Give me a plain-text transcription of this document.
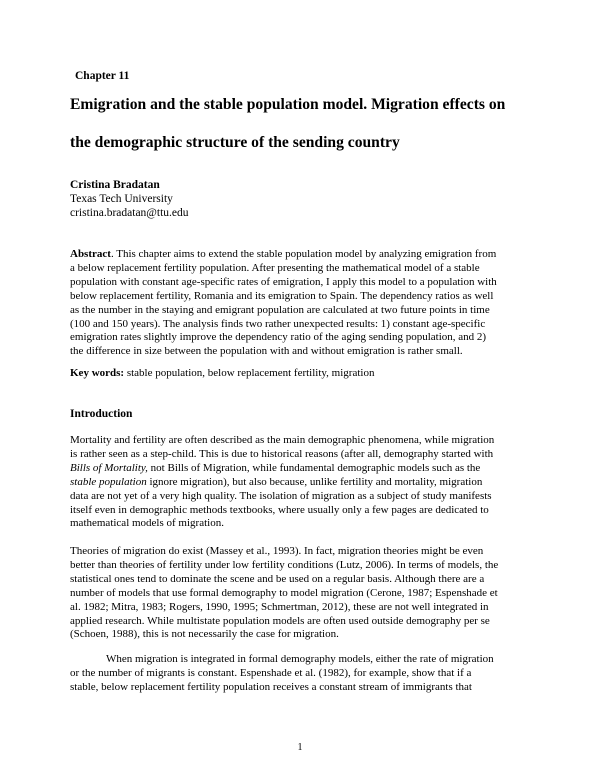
Chapter 11
Emigration and the stable population model. Migration effects on
the demographic structure of the sending country
Cristina Bradatan
Texas Tech University
cristina.bradatan@ttu.edu
Abstract. This chapter aims to extend the stable population model by analyzing emigration from
a below replacement fertility population. After presenting the mathematical model of a stable
population with constant age-specific rates of emigration, I apply this model to a population with
below replacement fertility, Romania and its emigration to Spain. The dependency ratios as well
as the number in the staying and emigrant population are calculated at two future points in time
(100 and 150 years). The analysis finds two rather unexpected results: 1) constant age-specific
emigration rates slightly improve the dependency ratio of the aging sending population, and 2)
the difference in size between the population with and without emigration is rather small.
Key words: stable population, below replacement fertility, migration
Introduction
Mortality and fertility are often described as the main demographic phenomena, while migration
is rather seen as a step-child. This is due to historical reasons (after all, demography started with
Bills of Mortality, not Bills of Migration, while fundamental demographic models such as the
stable population ignore migration), but also because, unlike fertility and mortality, migration
data are not yet of a very high quality. The isolation of migration as a subject of study manifests
itself even in demographic methods textbooks, where usually only a few pages are dedicated to
mathematical models of migration.
Theories of migration do exist (Massey et al., 1993). In fact, migration theories might be even
better than theories of fertility under low fertility conditions (Lutz, 2006). In terms of models, the
statistical ones tend to dominate the scene and be used on a regular basis. Although there are a
number of models that use formal demography to model migration (Cerone, 1987; Espenshade et
al. 1982; Mitra, 1983; Rogers, 1990, 1995; Schmertman, 2012), these are not well integrated in
applied research. While multistate population models are often used outside demography per se
(Schoen, 1988), this is not necessarily the case for migration.
When migration is integrated in formal demography models, either the rate of migration
or the number of migrants is constant. Espenshade et al. (1982), for example, show that if a
stable, below replacement fertility population receives a constant stream of immigrants that
1
